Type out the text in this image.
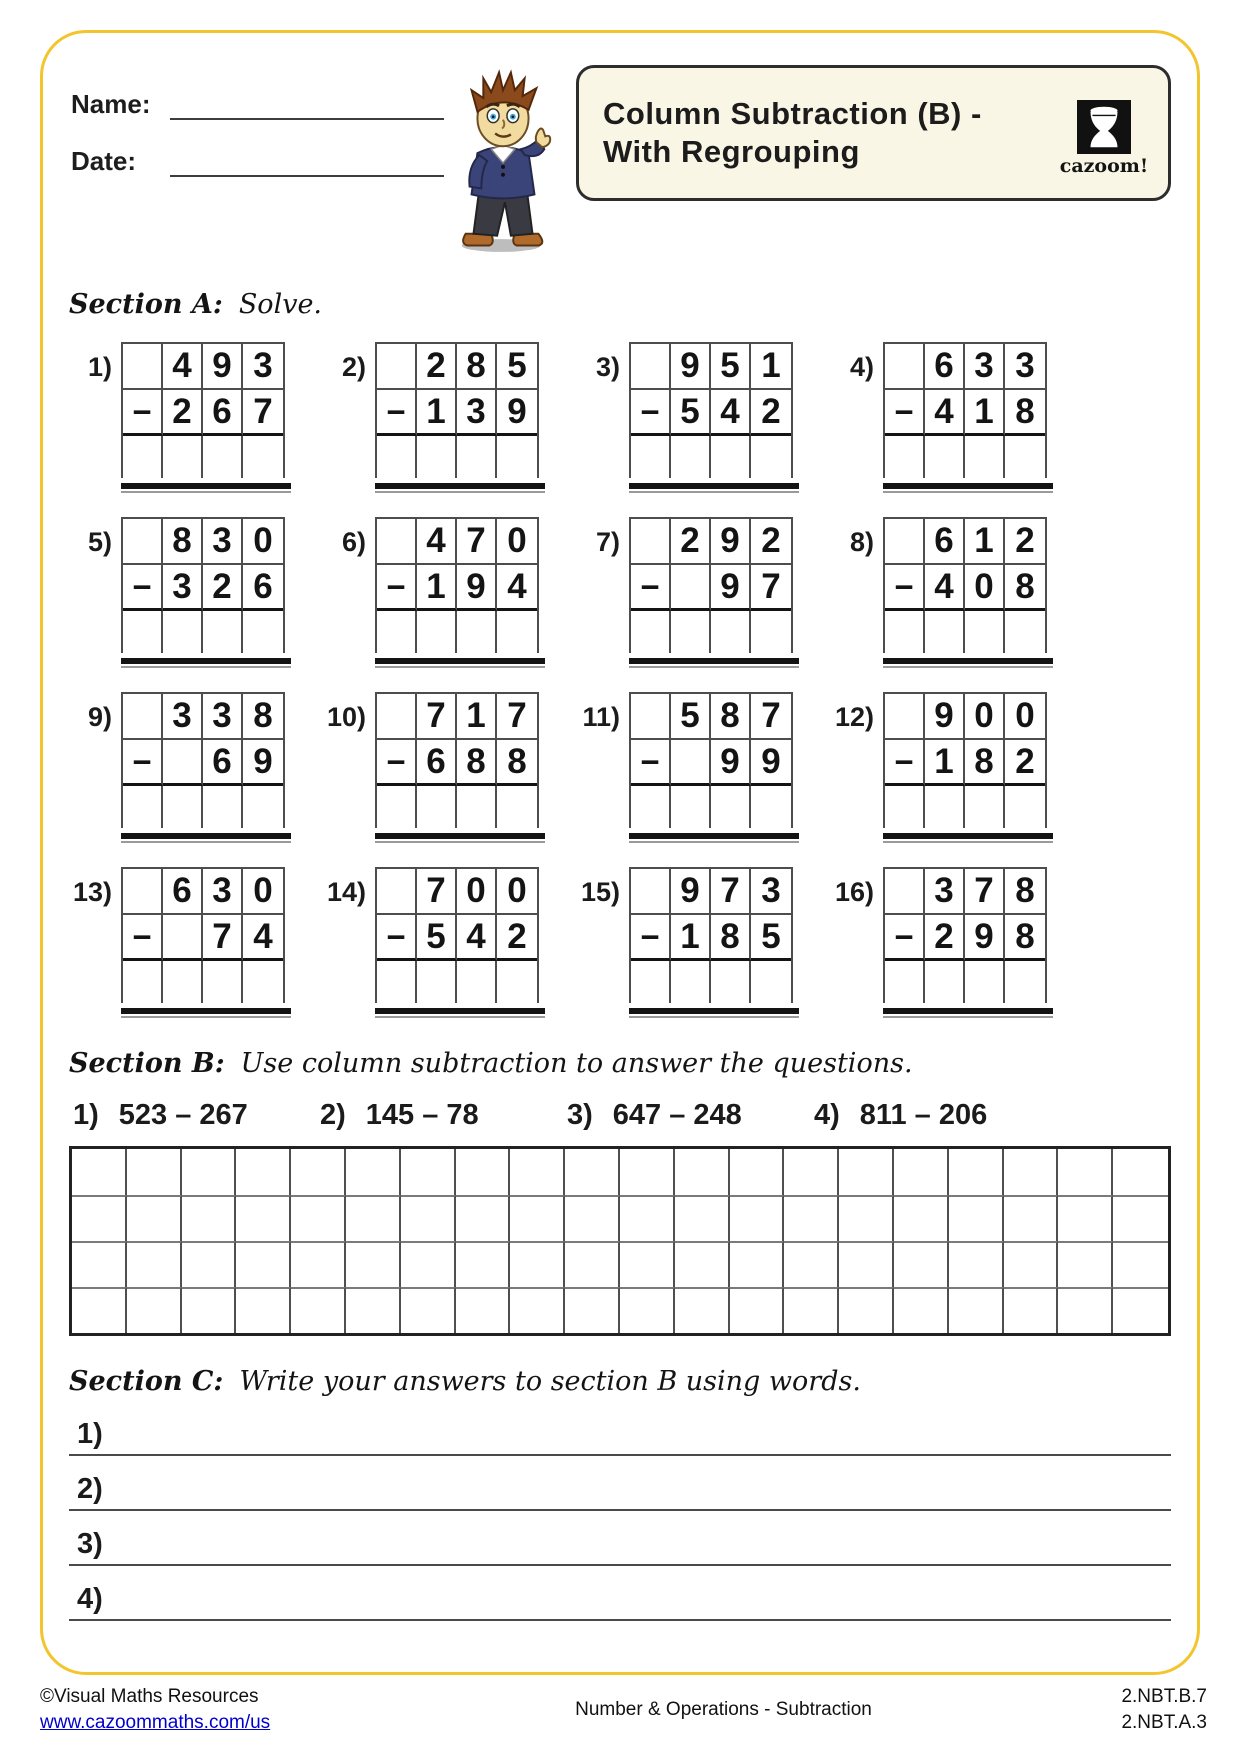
Name:
Date:
Column Subtraction (B) -
With Regrouping	cazoom!
Section A: Solve.
1) 4 9 3
− 2 6 7
2) 2 8 5
− 1 3 9
3) 9 5 1
− 5 4 2
4) 6 3 3
− 4 1 8
5) 8 3 0
− 3 2 6
6) 4 7 0
− 1 9 4
7) 2 9 2
−	9 7
8) 6 1 2
− 4 0 8
9) 3 3 8
−	6 9
10) 7 1 7
− 6 8 8
11) 5 8 7
−	9 9
12) 9 0 0
− 1 8 2
13) 6 3 0
−	7 4
14) 7 0 0
− 5 4 2
15) 9 7 3
− 1 8 5
16) 3 7 8
− 2 9 8
Section B: Use column subtraction to answer the questions.
1) 523 – 267 2) 145 – 78	3) 647 – 248 4) 811 – 206
Section C: Write your answers to section B using words.
1)
2)
3)
4)
©Visual Maths Resources
www.cazoommaths.com/us
Number & Operations - Subtraction
2.NBT.B.7
2.NBT.A.3
